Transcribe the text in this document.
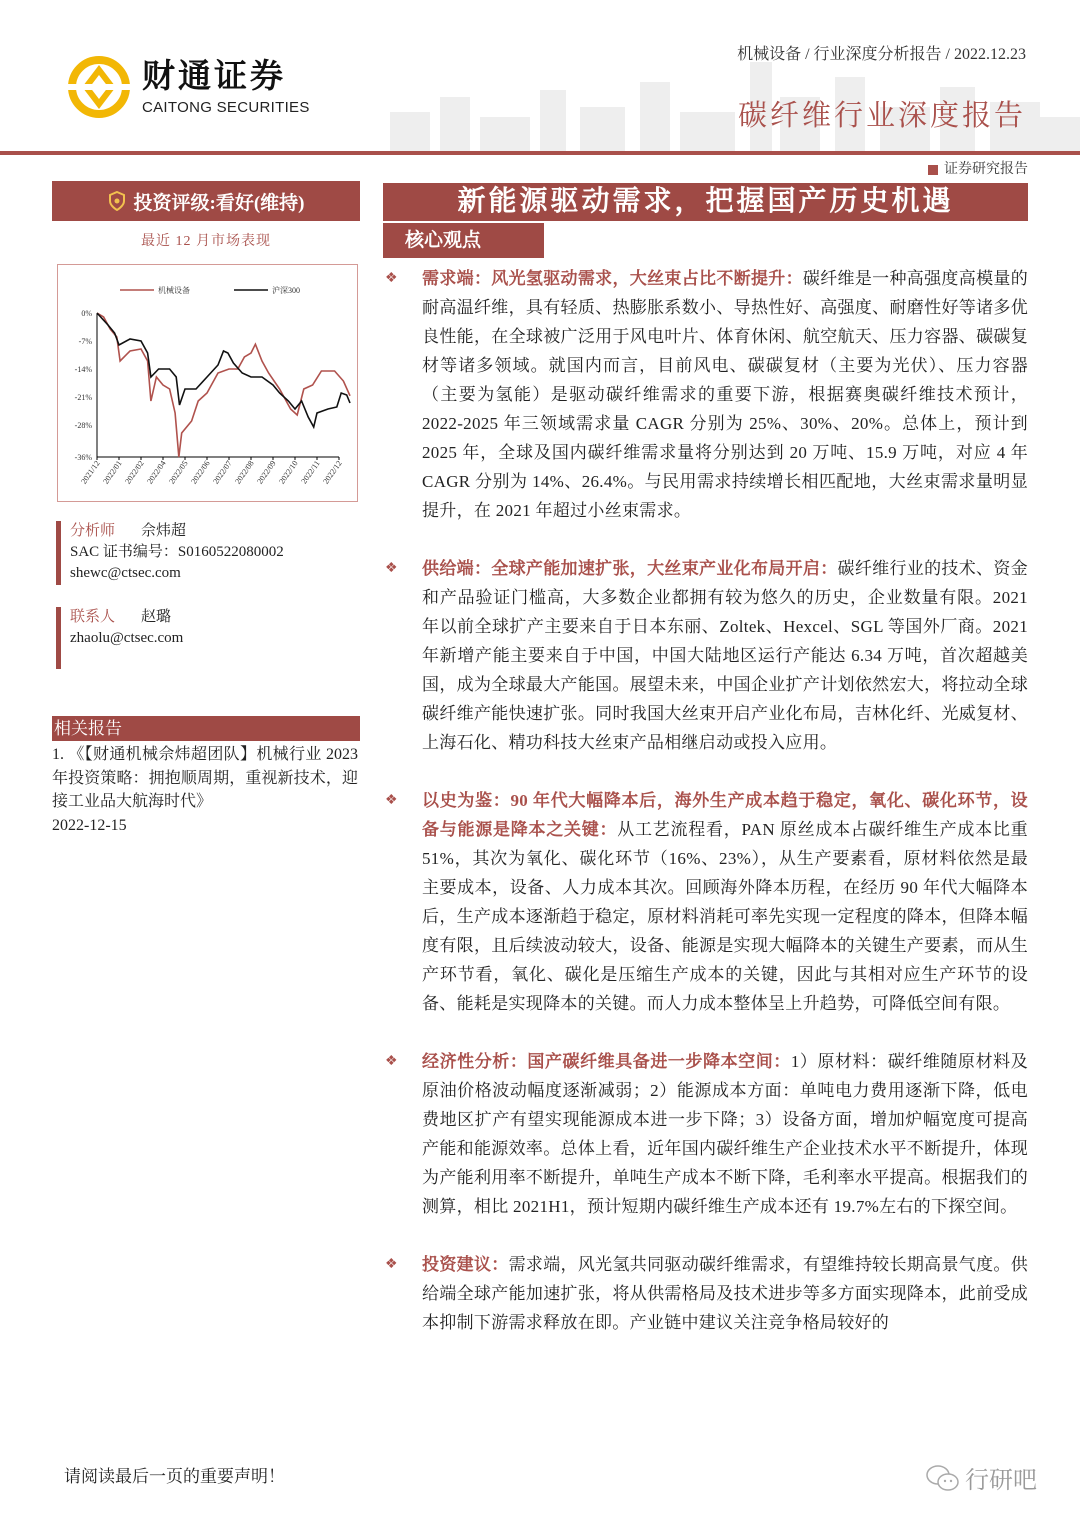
财通证券
CAITONG SECURITIES
机械设备 / 行业深度分析报告 / 2022.12.23
碳纤维行业深度报告
证券研究报告
投资评级:看好(维持)
最近 12 月市场表现
0%
-7%
-14%
-21%
-28%
-36%
2021/12 2022/01 2022/02 2022/04 2022/05 2022/06 2022/07 2022/08 2022/09 2022/10 2022/11 2022/12
机械设备	沪深300
分析师 佘炜超
SAC 证书编号：S0160522080002
shewc@ctsec.com
联系人 赵璐
zhaolu@ctsec.com
相关报告
1. 《【财通机械佘炜超团队】机械行业 2023 年投资策略：拥抱顺周期，重视新技术，迎接工业品大航海时代》
2022-12-15
新能源驱动需求，把握国产历史机遇
核心观点
❖ 需求端：风光氢驱动需求，大丝束占比不断提升：碳纤维是一种高强度高模量的耐高温纤维，具有轻质、热膨胀系数小、导热性好、高强度、耐磨性好等诸多优良性能，在全球被广泛用于风电叶片、体育休闲、航空航天、压力容器、碳碳复材等诸多领域。就国内而言，目前风电、碳碳复材（主要为光伏）、压力容器（主要为氢能）是驱动碳纤维需求的重要下游，根据赛奥碳纤维技术预计，2022-2025 年三领域需求量 CAGR 分别为 25%、30%、20%。总体上，预计到 2025 年，全球及国内碳纤维需求量将分别达到 20 万吨、15.9 万吨，对应 4 年 CAGR 分别为 14%、26.4%。与民用需求持续增长相匹配地，大丝束需求量明显提升，在 2021 年超过小丝束需求。
❖ 供给端：全球产能加速扩张，大丝束产业化布局开启：碳纤维行业的技术、资金和产品验证门槛高，大多数企业都拥有较为悠久的历史，企业数量有限。2021 年以前全球扩产主要来自于日本东丽、Zoltek、Hexcel、SGL 等国外厂商。2021 年新增产能主要来自于中国，中国大陆地区运行产能达 6.34 万吨，首次超越美国，成为全球最大产能国。展望未来，中国企业扩产计划依然宏大，将拉动全球碳纤维产能快速扩张。同时我国大丝束开启产业化布局，吉林化纤、光威复材、上海石化、精功科技大丝束产品相继启动或投入应用。
❖ 以史为鉴：90 年代大幅降本后，海外生产成本趋于稳定，氧化、碳化环节，设备与能源是降本之关键：从工艺流程看，PAN 原丝成本占碳纤维生产成本比重 51%，其次为氧化、碳化环节（16%、23%），从生产要素看，原材料依然是最主要成本，设备、人力成本其次。回顾海外降本历程，在经历 90 年代大幅降本后，生产成本逐渐趋于稳定，原材料消耗可率先实现一定程度的降本，但降本幅度有限，且后续波动较大，设备、能源是实现大幅降本的关键生产要素，而从生产环节看，氧化、碳化是压缩生产成本的关键，因此与其相对应生产环节的设备、能耗是实现降本的关键。而人力成本整体呈上升趋势，可降低空间有限。
❖ 经济性分析：国产碳纤维具备进一步降本空间：1）原材料：碳纤维随原材料及原油价格波动幅度逐渐减弱；2）能源成本方面：单吨电力费用逐渐下降，低电费地区扩产有望实现能源成本进一步下降；3）设备方面，增加炉幅宽度可提高产能和能源效率。总体上看，近年国内碳纤维生产企业技术水平不断提升，体现为产能利用率不断提升，单吨生产成本不断下降，毛利率水平提高。根据我们的测算，相比 2021H1，预计短期内碳纤维生产成本还有 19.7%左右的下探空间。
❖ 投资建议：需求端，风光氢共同驱动碳纤维需求，有望维持较长期高景气度。供给端全球产能加速扩张，将从供需格局及技术进步等多方面实现降本，此前受成本抑制下游需求释放在即。产业链中建议关注竞争格局较好的
请阅读最后一页的重要声明！	行研吧
